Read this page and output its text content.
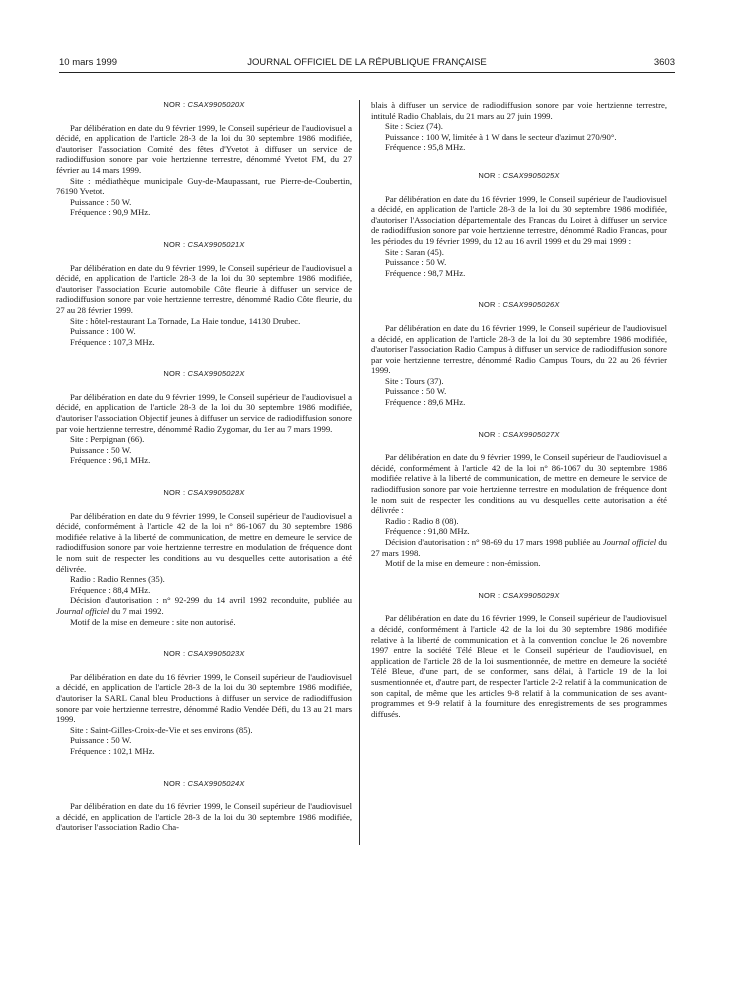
10 mars 1999	JOURNAL OFFICIEL DE LA RÉPUBLIQUE FRANÇAISE	3603

NOR : CSAX9905020X

Par délibération en date du 9 février 1999, le Conseil supérieur de l'audiovisuel a décidé, en application de l'article 28-3 de la loi du 30 septembre 1986 modifiée, d'autoriser l'association Comité des fêtes d'Yvetot à diffuser un service de radiodiffusion sonore par voie hertzienne terrestre, dénommé Yvetot FM, du 27 février au 14 mars 1999.

Site : médiathèque municipale Guy-de-Maupassant, rue Pierre-de-Coubertin, 76190 Yvetot.

Puissance : 50 W.

Fréquence : 90,9 MHz.

NOR : CSAX9905021X

Par délibération en date du 9 février 1999, le Conseil supérieur de l'audiovisuel a décidé, en application de l'article 28-3 de la loi du 30 septembre 1986 modifiée, d'autoriser l'association Ecurie automobile Côte fleurie à diffuser un service de radiodiffusion sonore par voie hertzienne terrestre, dénommé Radio Côte fleurie, du 27 au 28 février 1999.

Site : hôtel-restaurant La Tornade, La Haie tondue, 14130 Drubec.

Puissance : 100 W.

Fréquence : 107,3 MHz.

NOR : CSAX9905022X

Par délibération en date du 9 février 1999, le Conseil supérieur de l'audiovisuel a décidé, en application de l'article 28-3 de la loi du 30 septembre 1986 modifiée, d'autoriser l'association Objectif jeunes à diffuser un service de radiodiffusion sonore par voie hertzienne terrestre, dénommé Radio Zygomar, du 1er au 7 mars 1999.

Site : Perpignan (66).

Puissance : 50 W.

Fréquence : 96,1 MHz.

NOR : CSAX9905028X

Par délibération en date du 9 février 1999, le Conseil supérieur de l'audiovisuel a décidé, conformément à l'article 42 de la loi n° 86-1067 du 30 septembre 1986 modifiée relative à la liberté de communication, de mettre en demeure le service de radiodiffusion sonore par voie hertzienne terrestre en modulation de fréquence dont le nom suit de respecter les conditions au vu desquelles cette autorisation a été délivrée.

Radio : Radio Rennes (35).

Fréquence : 88,4 MHz.

Décision d'autorisation : n° 92-299 du 14 avril 1992 reconduite, publiée au Journal officiel du 7 mai 1992.

Motif de la mise en demeure : site non autorisé.

NOR : CSAX9905023X

Par délibération en date du 16 février 1999, le Conseil supérieur de l'audiovisuel a décidé, en application de l'article 28-3 de la loi du 30 septembre 1986 modifiée, d'autoriser la SARL Canal bleu Productions à diffuser un service de radiodiffusion sonore par voie hertzienne terrestre, dénommé Radio Vendée Défi, du 13 au 21 mars 1999.

Site : Saint-Gilles-Croix-de-Vie et ses environs (85).

Puissance : 50 W.

Fréquence : 102,1 MHz.

NOR : CSAX9905024X

Par délibération en date du 16 février 1999, le Conseil supérieur de l'audiovisuel a décidé, en application de l'article 28-3 de la loi du 30 septembre 1986 modifiée, d'autoriser l'association Radio Cha-

blais à diffuser un service de radiodiffusion sonore par voie hertzienne terrestre, intitulé Radio Chablais, du 21 mars au 27 juin 1999.

Site : Sciez (74).

Puissance : 100 W, limitée à 1 W dans le secteur d'azimut 270/90°.

Fréquence : 95,8 MHz.

NOR : CSAX9905025X

Par délibération en date du 16 février 1999, le Conseil supérieur de l'audiovisuel a décidé, en application de l'article 28-3 de la loi du 30 septembre 1986 modifiée, d'autoriser l'Association départementale des Francas du Loiret à diffuser un service de radiodiffusion sonore par voie hertzienne terrestre, dénommé Radio Francas, pour les périodes du 19 février 1999, du 12 au 16 avril 1999 et du 29 mai 1999 :

Site : Saran (45).

Puissance : 50 W.

Fréquence : 98,7 MHz.

NOR : CSAX9905026X

Par délibération en date du 16 février 1999, le Conseil supérieur de l'audiovisuel a décidé, en application de l'article 28-3 de la loi du 30 septembre 1986 modifiée, d'autoriser l'association Radio Campus à diffuser un service de radiodiffusion sonore par voie hertzienne terrestre, dénommé Radio Campus Tours, du 22 au 26 février 1999.

Site : Tours (37).

Puissance : 50 W.

Fréquence : 89,6 MHz.

NOR : CSAX9905027X

Par délibération en date du 9 février 1999, le Conseil supérieur de l'audiovisuel a décidé, conformément à l'article 42 de la loi n° 86-1067 du 30 septembre 1986 modifiée relative à la liberté de communication, de mettre en demeure le service de radiodiffusion sonore par voie hertzienne terrestre en modulation de fréquence dont le nom suit de respecter les conditions au vu desquelles cette autorisation a été délivrée :

Radio : Radio 8 (08).

Fréquence : 91,80 MHz.

Décision d'autorisation : n° 98-69 du 17 mars 1998 publiée au Journal officiel du 27 mars 1998.

Motif de la mise en demeure : non-émission.

NOR : CSAX9905029X

Par délibération en date du 16 février 1999, le Conseil supérieur de l'audiovisuel a décidé, conformément à l'article 42 de la loi du 30 septembre 1986 modifiée relative à la liberté de communication et à la convention conclue le 26 novembre 1997 entre la société Télé Bleue et le Conseil supérieur de l'audiovisuel, en application de l'article 28 de la loi susmentionnée, de mettre en demeure la société Télé Bleue, d'une part, de se conformer, sans délai, à l'article 19 de la loi susmentionnée et, d'autre part, de respecter l'article 2-2 relatif à la communication de son capital, de même que les articles 9-8 relatif à la communication de ses avant-programmes et 9-9 relatif à la fourniture des enregistrements de ses programmes diffusés.
